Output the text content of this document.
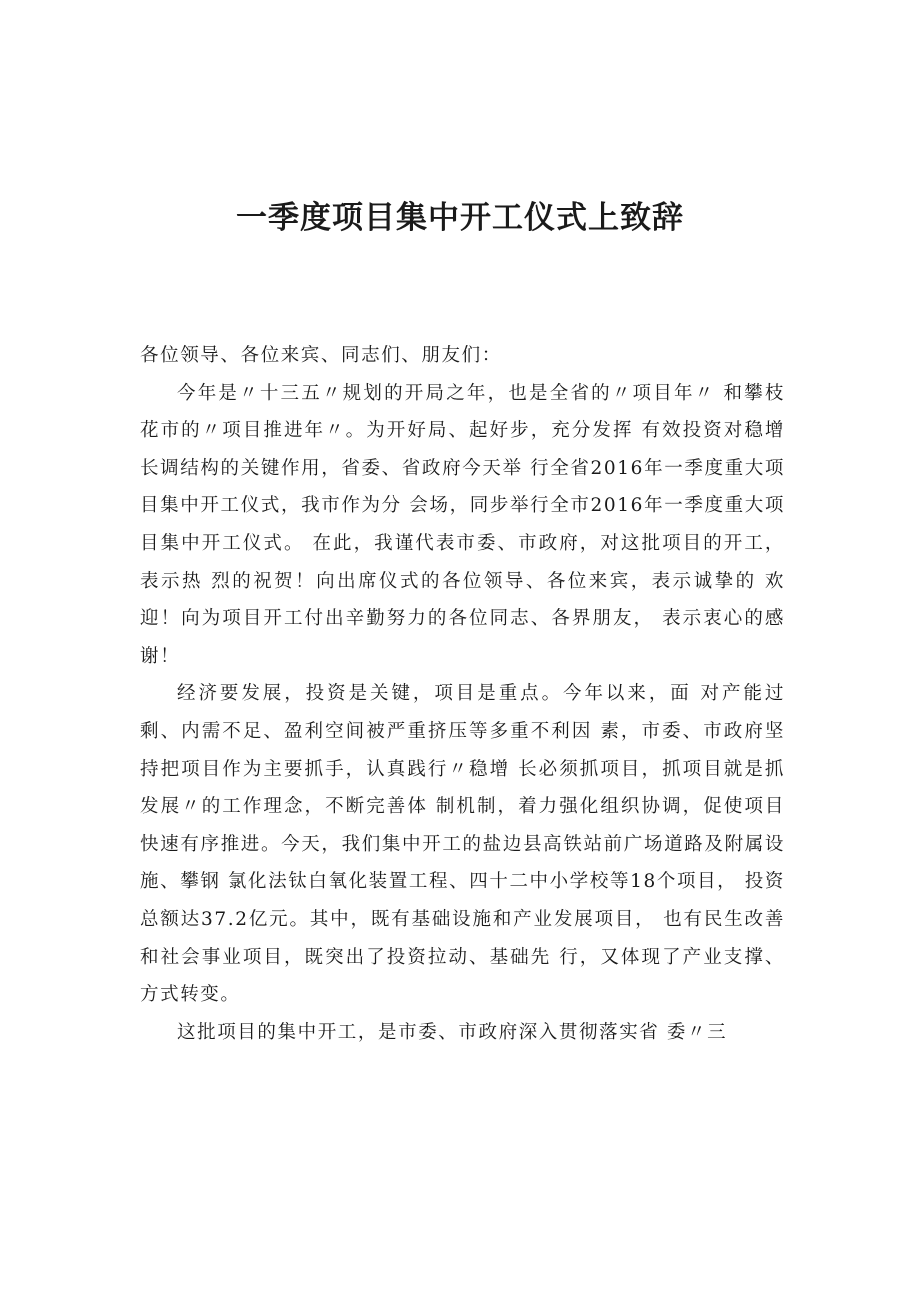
一季度项目集中开工仪式上致辞

各位领导、各位来宾、同志们、朋友们：

今年是〃十三五〃规划的开局之年，也是全省的〃项目年〃 和攀枝花市的〃项目推进年〃。为开好局、起好步，充分发挥 有效投资对稳增长调结构的关键作用，省委、省政府今天举 行全省2016年一季度重大项目集中开工仪式，我市作为分 会场，同步举行全市2016年一季度重大项目集中开工仪式。 在此，我谨代表市委、市政府，对这批项目的开工，表示热 烈的祝贺！向出席仪式的各位领导、各位来宾，表示诚挚的 欢迎！向为项目开工付出辛勤努力的各位同志、各界朋友， 表示衷心的感谢！

经济要发展，投资是关键，项目是重点。今年以来，面 对产能过剩、内需不足、盈利空间被严重挤压等多重不利因 素，市委、市政府坚持把项目作为主要抓手，认真践行〃稳增 长必须抓项目，抓项目就是抓发展〃的工作理念，不断完善体 制机制，着力强化组织协调，促使项目快速有序推进。今天，我们集中开工的盐边县高铁站前广场道路及附属设施、攀钢 氯化法钛白氧化装置工程、四十二中小学校等18个项目， 投资总额达37.2亿元。其中，既有基础设施和产业发展项目， 也有民生改善和社会事业项目，既突出了投资拉动、基础先 行，又体现了产业支撑、方式转变。

这批项目的集中开工，是市委、市政府深入贯彻落实省 委〃三
